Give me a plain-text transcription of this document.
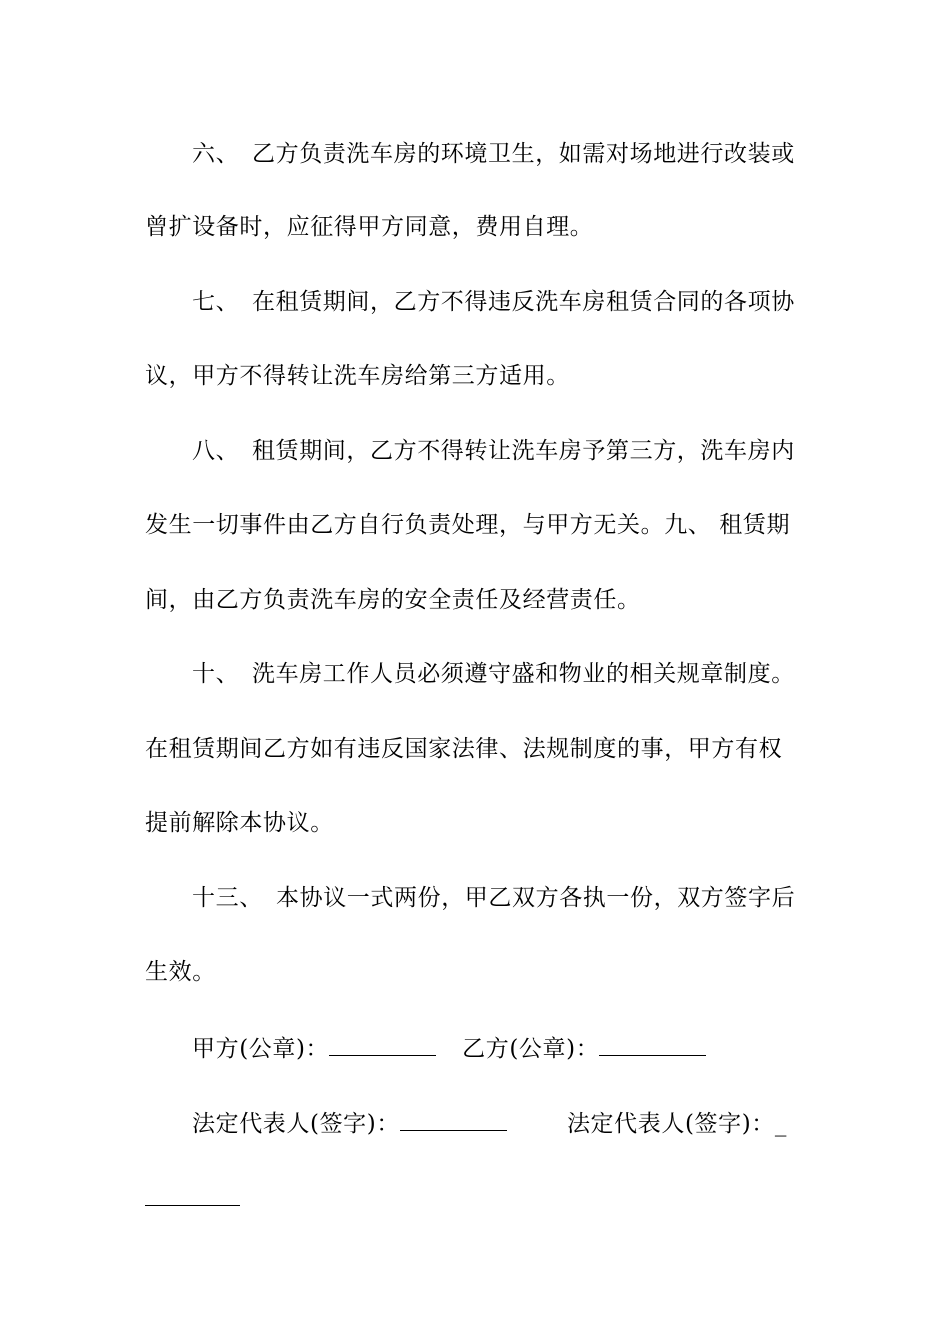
六、 乙方负责洗车房的环境卫生，如需对场地进行改装或
曾扩设备时，应征得甲方同意，费用自理。
七、 在租赁期间，乙方不得违反洗车房租赁合同的各项协
议，甲方不得转让洗车房给第三方适用。
八、 租赁期间，乙方不得转让洗车房予第三方，洗车房内
发生一切事件由乙方自行负责处理，与甲方无关。九、 租赁期
间，由乙方负责洗车房的安全责任及经营责任。
十、 洗车房工作人员必须遵守盛和物业的相关规章制度。
在租赁期间乙方如有违反国家法律、法规制度的事，甲方有权
提前解除本协议。
十三、 本协议一式两份，甲乙双方各执一份，双方签字后
生效。
甲方(公章)：	乙方(公章)：
法定代表人(签字)：	法定代表人(签字)：_
